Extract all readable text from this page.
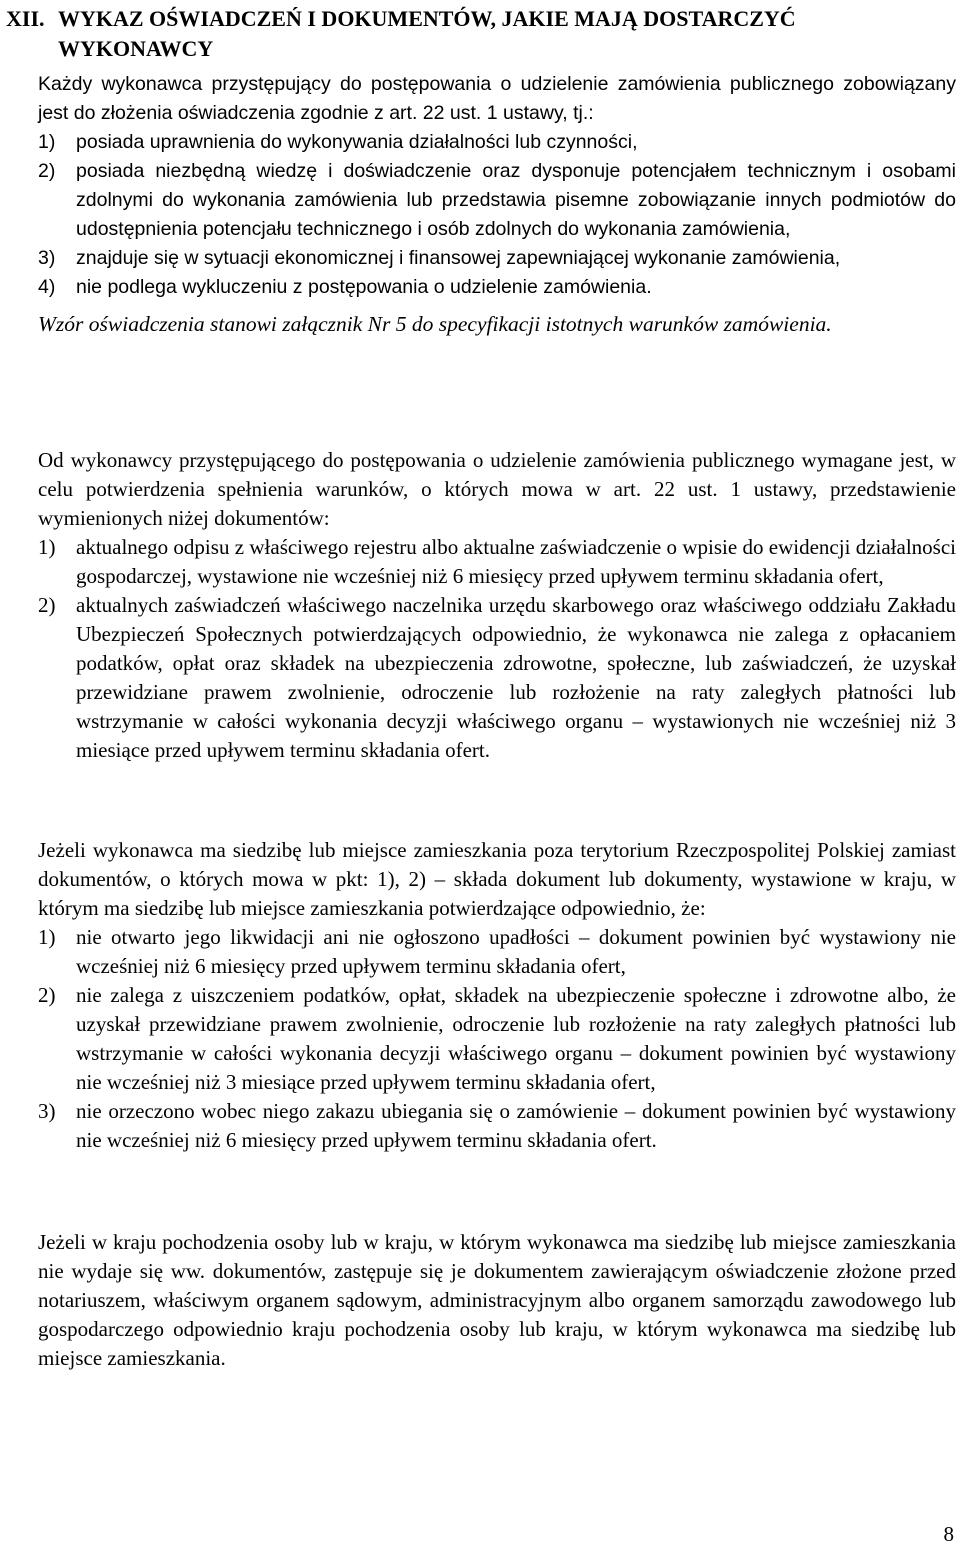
XII. WYKAZ OŚWIADCZEŃ I DOKUMENTÓW, JAKIE MAJĄ DOSTARCZYĆ
WYKONAWCY

Każdy wykonawca przystępujący do postępowania o udzielenie zamówienia publicznego zobowiązany jest do złożenia oświadczenia zgodnie z art. 22 ust. 1 ustawy, tj.:

1) posiada uprawnienia do wykonywania działalności lub czynności,
2) posiada niezbędną wiedzę i doświadczenie oraz dysponuje potencjałem technicznym i osobami zdolnymi do wykonania zamówienia lub przedstawia pisemne zobowiązanie innych podmiotów do udostępnienia potencjału technicznego i osób zdolnych do wykonania zamówienia,
3) znajduje się w sytuacji ekonomicznej i finansowej zapewniającej wykonanie zamówienia,
4) nie podlega wykluczeniu z postępowania o udzielenie zamówienia.

Wzór oświadczenia stanowi załącznik Nr 5 do specyfikacji istotnych warunków zamówienia.

Od wykonawcy przystępującego do postępowania o udzielenie zamówienia publicznego wymagane jest, w celu potwierdzenia spełnienia warunków, o których mowa w art. 22 ust. 1 ustawy, przedstawienie wymienionych niżej dokumentów:

1) aktualnego odpisu z właściwego rejestru albo aktualne zaświadczenie o wpisie do ewidencji działalności gospodarczej, wystawione nie wcześniej niż 6 miesięcy przed upływem terminu składania ofert,
2) aktualnych zaświadczeń właściwego naczelnika urzędu skarbowego oraz właściwego oddziału Zakładu Ubezpieczeń Społecznych potwierdzających odpowiednio, że wykonawca nie zalega z opłacaniem podatków, opłat oraz składek na ubezpieczenia zdrowotne, społeczne, lub zaświadczeń, że uzyskał przewidziane prawem zwolnienie, odroczenie lub rozłożenie na raty zaległych płatności lub wstrzymanie w całości wykonania decyzji właściwego organu – wystawionych nie wcześniej niż 3 miesiące przed upływem terminu składania ofert.

Jeżeli wykonawca ma siedzibę lub miejsce zamieszkania poza terytorium Rzeczpospolitej Polskiej zamiast dokumentów, o których mowa w pkt: 1), 2) – składa dokument lub dokumenty, wystawione w kraju, w którym ma siedzibę lub miejsce zamieszkania potwierdzające odpowiednio, że:

1) nie otwarto jego likwidacji ani nie ogłoszono upadłości – dokument powinien być wystawiony nie wcześniej niż 6 miesięcy przed upływem terminu składania ofert,
2) nie zalega z uiszczeniem podatków, opłat, składek na ubezpieczenie społeczne i zdrowotne albo, że uzyskał przewidziane prawem zwolnienie, odroczenie lub rozłożenie na raty zaległych płatności lub wstrzymanie w całości wykonania decyzji właściwego organu – dokument powinien być wystawiony nie wcześniej niż 3 miesiące przed upływem terminu składania ofert,
3) nie orzeczono wobec niego zakazu ubiegania się o zamówienie – dokument powinien być wystawiony nie wcześniej niż 6 miesięcy przed upływem terminu składania ofert.

Jeżeli w kraju pochodzenia osoby lub w kraju, w którym wykonawca ma siedzibę lub miejsce zamieszkania nie wydaje się ww. dokumentów, zastępuje się je dokumentem zawierającym oświadczenie złożone przed notariuszem, właściwym organem sądowym, administracyjnym albo organem samorządu zawodowego lub gospodarczego odpowiednio kraju pochodzenia osoby lub kraju, w którym wykonawca ma siedzibę lub miejsce zamieszkania.

8
